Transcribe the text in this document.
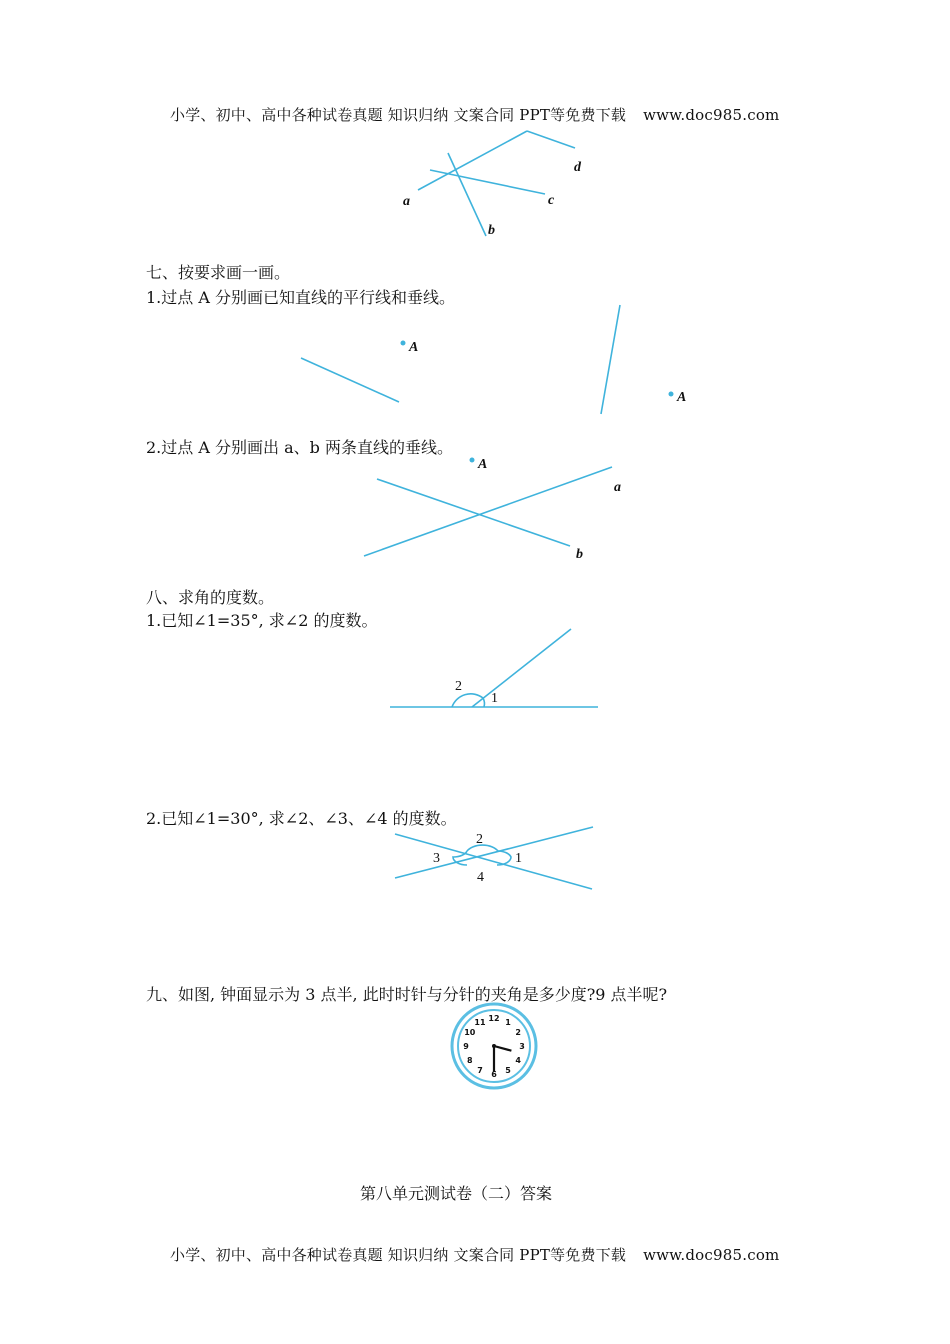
小学、初中、高中各种试卷真题 知识归纳 文案合同 PPT等免费下载 www.doc985.com
a
b
c
d
A
A
A
a
b
2
1
2
3	1
4
12 1
2
3
4
5
6
7
8
9
10
11
七、按要求画一画。
1.过点 A 分别画已知直线的平行线和垂线。
2.过点 A 分别画出 a、b 两条直线的垂线。
八、求角的度数。
1.已知∠1=35°, 求∠2 的度数。
2.已知∠1=30°, 求∠2、∠3、∠4 的度数。
九、如图, 钟面显示为 3 点半, 此时时针与分针的夹角是多少度?9 点半呢?
第八单元测试卷（二）答案
小学、初中、高中各种试卷真题 知识归纳 文案合同 PPT等免费下载 www.doc985.com
